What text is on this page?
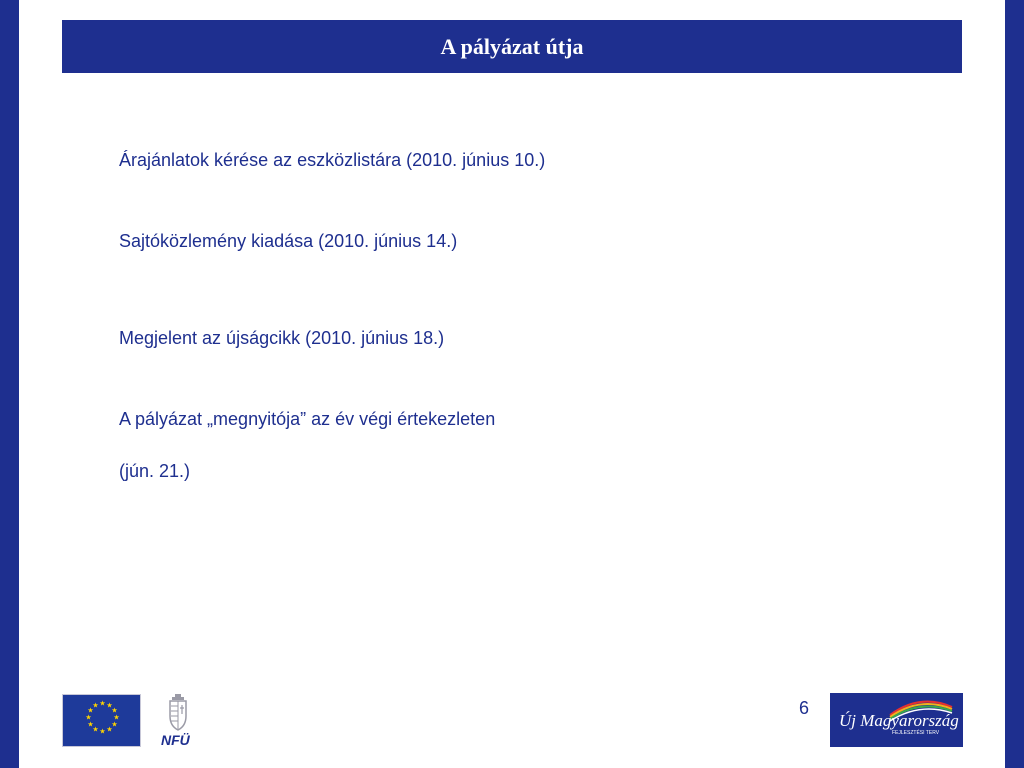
A pályázat útja
Árajánlatok kérése az eszközlistára (2010. június 10.)
Sajtóközlemény kiadása (2010. június 14.)
Megjelent az újságcikk (2010. június 18.)
A pályázat „megnyitója” az év végi értekezleten
(jún. 21.)
6
★ ★
★
★
★
★
★
★
★
★
★
★
NFÜ
Új Magyarország
FEJLESZTÉSI TERV
